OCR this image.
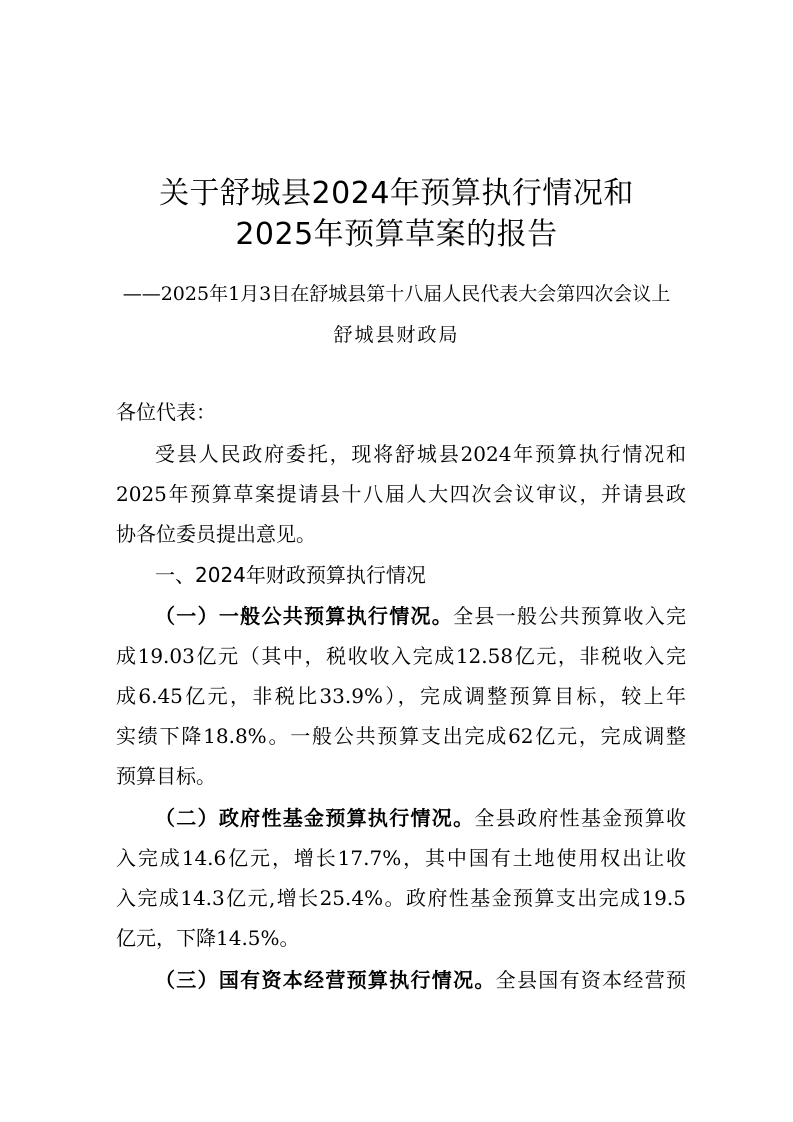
关于舒城县2024年预算执行情况和
2025年预算草案的报告
——2025年1月3日在舒城县第十八届人民代表大会第四次会议上
舒城县财政局
各位代表：
受县人民政府委托，现将舒城县2024年预算执行情况和
2025年预算草案提请县十八届人大四次会议审议，并请县政
协各位委员提出意见。
一、2024年财政预算执行情况
（一）一般公共预算执行情况。全县一般公共预算收入完
成19.03亿元（其中，税收收入完成12.58亿元，非税收入完
成6.45亿元，非税比33.9%），完成调整预算目标，较上年
实绩下降18.8%。一般公共预算支出完成62亿元，完成调整
预算目标。
（二）政府性基金预算执行情况。全县政府性基金预算收
入完成14.6亿元，增长17.7%，其中国有土地使用权出让收
入完成14.3亿元,增长25.4%。政府性基金预算支出完成19.5
亿元，下降14.5%。
（三）国有资本经营预算执行情况。全县国有资本经营预
